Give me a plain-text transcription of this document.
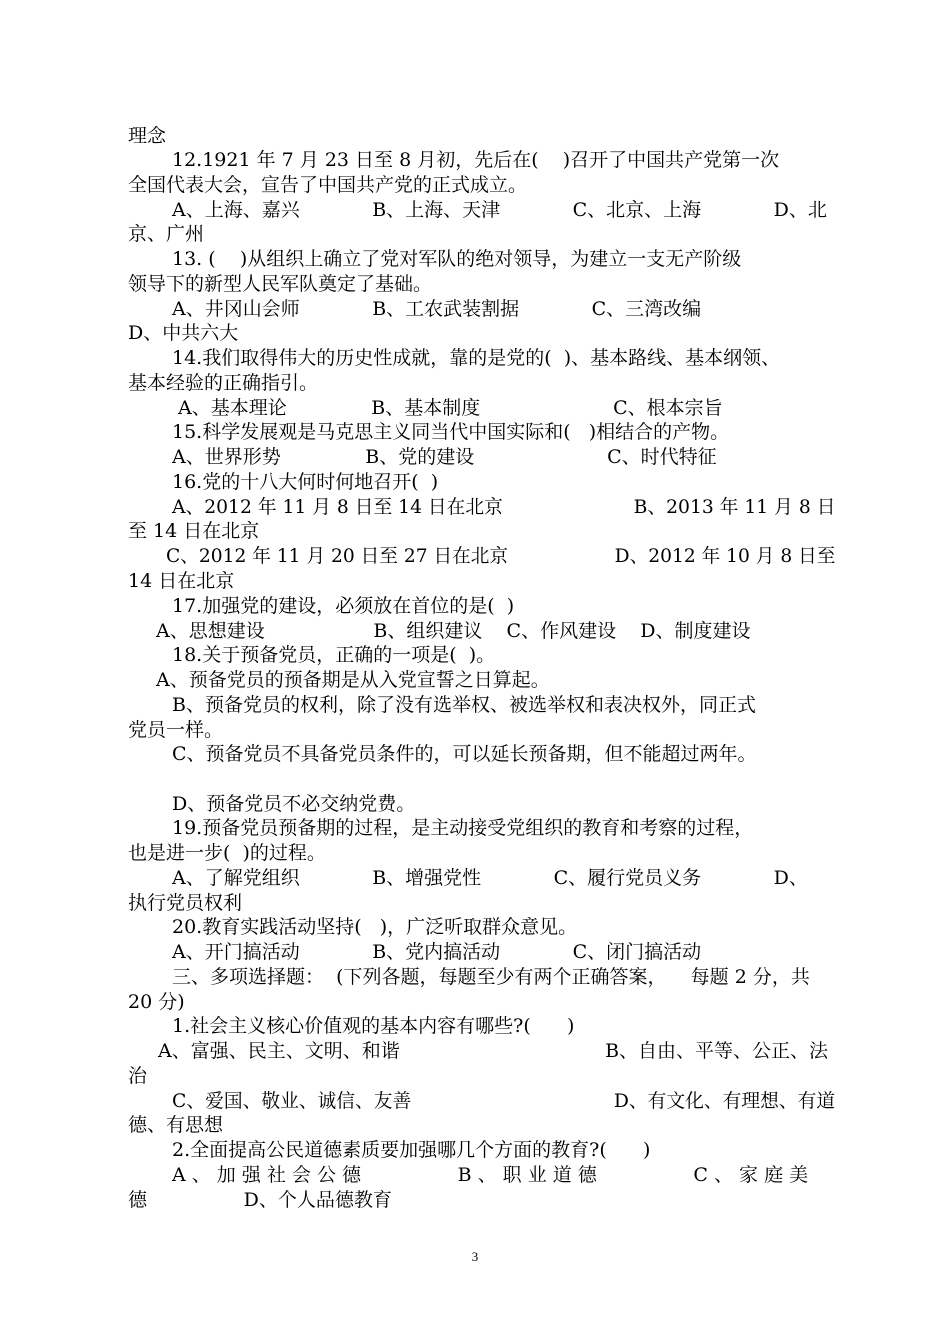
理念
12.1921 年 7 月 23 日至 8 月初，先后在(    )召开了中国共产党第一次
全国代表大会，宣告了中国共产党的正式成立。
A、上海、嘉兴            B、上海、天津            C、北京、上海            D、北
京、广州
13. (    )从组织上确立了党对军队的绝对领导，为建立一支无产阶级
领导下的新型人民军队奠定了基础。
A、井冈山会师            B、工农武装割据            C、三湾改编
D、中共六大
14.我们取得伟大的历史性成就，靠的是党的(  )、基本路线、基本纲领、
基本经验的正确指引。
A、基本理论              B、基本制度                      C、根本宗旨
15.科学发展观是马克思主义同当代中国实际和(   )相结合的产物。
A、世界形势              B、党的建设                      C、时代特征
16.党的十八大何时何地召开(  )
A、2012 年 11 月 8 日至 14 日在北京                      B、2013 年 11 月 8 日
至 14 日在北京
C、2012 年 11 月 20 日至 27 日在北京                  D、2012 年 10 月 8 日至
14 日在北京
17.加强党的建设，必须放在首位的是(  )
A、思想建设                  B、组织建议    C、作风建设    D、制度建设
18.关于预备党员，正确的一项是(  )。
A、预备党员的预备期是从入党宣誓之日算起。
B、预备党员的权利，除了没有选举权、被选举权和表决权外，同正式
党员一样。
C、预备党员不具备党员条件的，可以延长预备期，但不能超过两年。
D、预备党员不必交纳党费。
19.预备党员预备期的过程，是主动接受党组织的教育和考察的过程，
也是进一步(  )的过程。
A、了解党组织            B、增强党性            C、履行党员义务            D、
执行党员权利
20.教育实践活动坚持(   )，广泛听取群众意见。
A、开门搞活动            B、党内搞活动            C、闭门搞活动
三、多项选择题：  (下列各题，每题至少有两个正确答案，    每题 2 分，共
20 分)
1.社会主义核心价值观的基本内容有哪些?(      )
A、富强、民主、文明、和谐                                  B、自由、平等、公正、法
治
C、爱国、敬业、诚信、友善                                  D、有文化、有理想、有道
德、有思想
2.全面提高公民道德素质要加强哪几个方面的教育?(      )
A 、 加 强 社 会 公 德                B 、 职 业 道 德                C 、 家 庭 美
德                D、个人品德教育
3
